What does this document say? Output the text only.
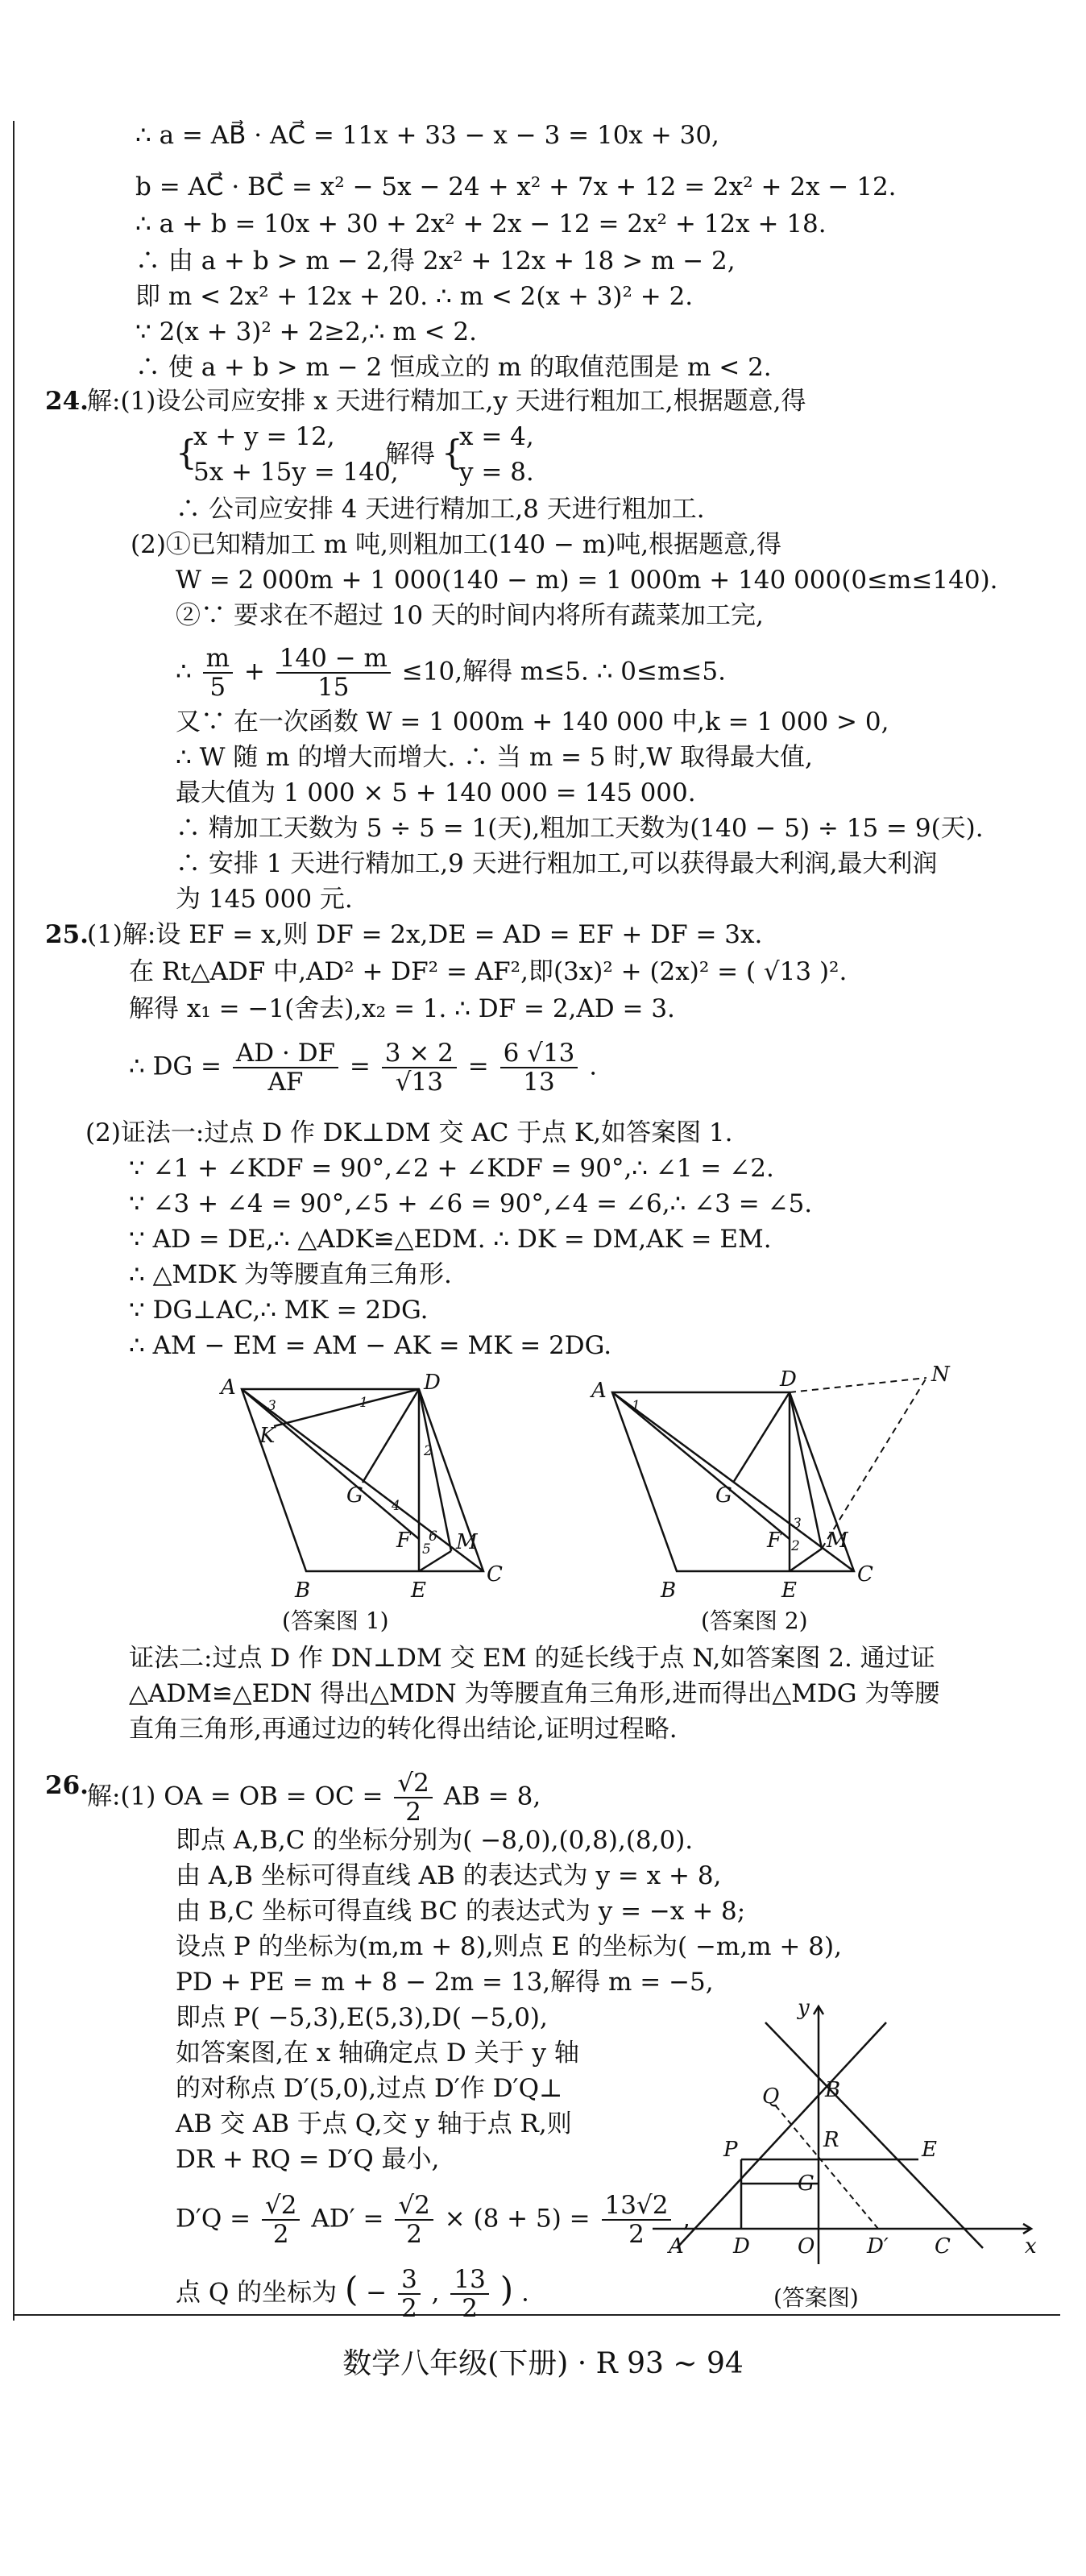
∴ a = AB⃗ · AC⃗ = 11x + 33 − x − 3 = 10x + 30,
b = AC⃗ · BC⃗ = x² − 5x − 24 + x² + 7x + 12 = 2x² + 2x − 12.
∴ a + b = 10x + 30 + 2x² + 2x − 12 = 2x² + 12x + 18.
∴ 由 a + b > m − 2,得 2x² + 12x + 18 > m − 2,
即 m < 2x² + 12x + 20. ∴ m < 2(x + 3)² + 2.
∵ 2(x + 3)² + 2≥2,∴ m < 2.
∴ 使 a + b > m − 2 恒成立的 m 的取值范围是 m < 2.
24.
解:(1)设公司应安排 x 天进行精加工,y 天进行粗加工,根据题意,得
{
x + y = 12,
5x + 15y = 140,
解得 {
x = 4,
y = 8.
∴ 公司应安排 4 天进行精加工,8 天进行粗加工.
(2)①已知精加工 m 吨,则粗加工(140 − m)吨,根据题意,得
W = 2 000m + 1 000(140 − m) = 1 000m + 140 000(0≤m≤140).
②∵ 要求在不超过 10 天的时间内将所有蔬菜加工完,
∴ $\frac{m}{5} + \frac{140 - m}{15} \le 10$,解得 m≤5. ∴ 0≤m≤5.
又∵ 在一次函数 W = 1 000m + 140 000 中,k = 1 000 > 0,
∴ W 随 m 的增大而增大. ∴ 当 m = 5 时,W 取得最大值,
最大值为 1 000 × 5 + 140 000 = 145 000.
∴ 精加工天数为 5 ÷ 5 = 1(天),粗加工天数为(140 − 5) ÷ 15 = 9(天).
∴ 安排 1 天进行精加工,9 天进行粗加工,可以获得最大利润,最大利润
为 145 000 元.
25.
(1)解:设 EF = x,则 DF = 2x,DE = AD = EF + DF = 3x.
在 Rt△ADF 中,AD² + DF² = AF²,即(3x)² + (2x)² = ( √13 )².
解得 x₁ = −1(舍去),x₂ = 1. ∴ DF = 2,AD = 3.
∴ DG = $\frac{AD \cdot DF}{AF} = \frac{3 \times 2}{√13} = \frac{6 √13}{13}$ .
(2)证法一:过点 D 作 DK⊥DM 交 AC 于点 K,如答案图 1.
∵ ∠1 + ∠KDF = 90°,∠2 + ∠KDF = 90°,∴ ∠1 = ∠2.
∵ ∠3 + ∠4 = 90°,∠5 + ∠6 = 90°,∠4 = ∠6,∴ ∠3 = ∠5.
∵ AD = DE,∴ △ADK≌△EDM. ∴ DK = DM,AK = EM.
∴ △MDK 为等腰直角三角形.
∵ DG⊥AC,∴ MK = 2DG.
∴ AM − EM = AM − AK = MK = 2DG.
A	D
K
G
F M
B	E
C
1
2
3
4
5
6
(答案图 1)
A	D	N
G
F M
B	E
C
1
2
3
(答案图 2)
证法二:过点 D 作 DN⊥DM 交 EM 的延长线于点 N,如答案图 2. 通过证
△ADM≌△EDN 得出△MDN 为等腰直角三角形,进而得出△MDG 为等腰
直角三角形,再通过边的转化得出结论,证明过程略.
26.
解:(1) OA = OB = OC = $\frac{√2}{2}$ AB = 8,
即点 A,B,C 的坐标分别为( −8,0),(0,8),(8,0).
由 A,B 坐标可得直线 AB 的表达式为 y = x + 8,
由 B,C 坐标可得直线 BC 的表达式为 y = −x + 8;
设点 P 的坐标为(m,m + 8),则点 E 的坐标为( −m,m + 8),
PD + PE = m + 8 − 2m = 13,解得 m = −5,
即点 P( −5,3),E(5,3),D( −5,0),
如答案图,在 x 轴确定点 D 关于 y 轴
的对称点 D′(5,0),过点 D′作 D′Q⊥
AB 交 AB 于点 Q,交 y 轴于点 R,则
DR + RQ = D′Q 最小,
$D'Q = \frac{√2}{2} AD' = \frac{√2}{2} \times (8 + 5) = \frac{13√2}{2}$ ,
点 Q 的坐标为 ( − $\frac{3}{2}$ , $\frac{13}{2}$ ) .
y
Q B
R
P	E
G
A D O D′ C	x
(答案图)
数学八年级(下册) · R 93 ~ 94
